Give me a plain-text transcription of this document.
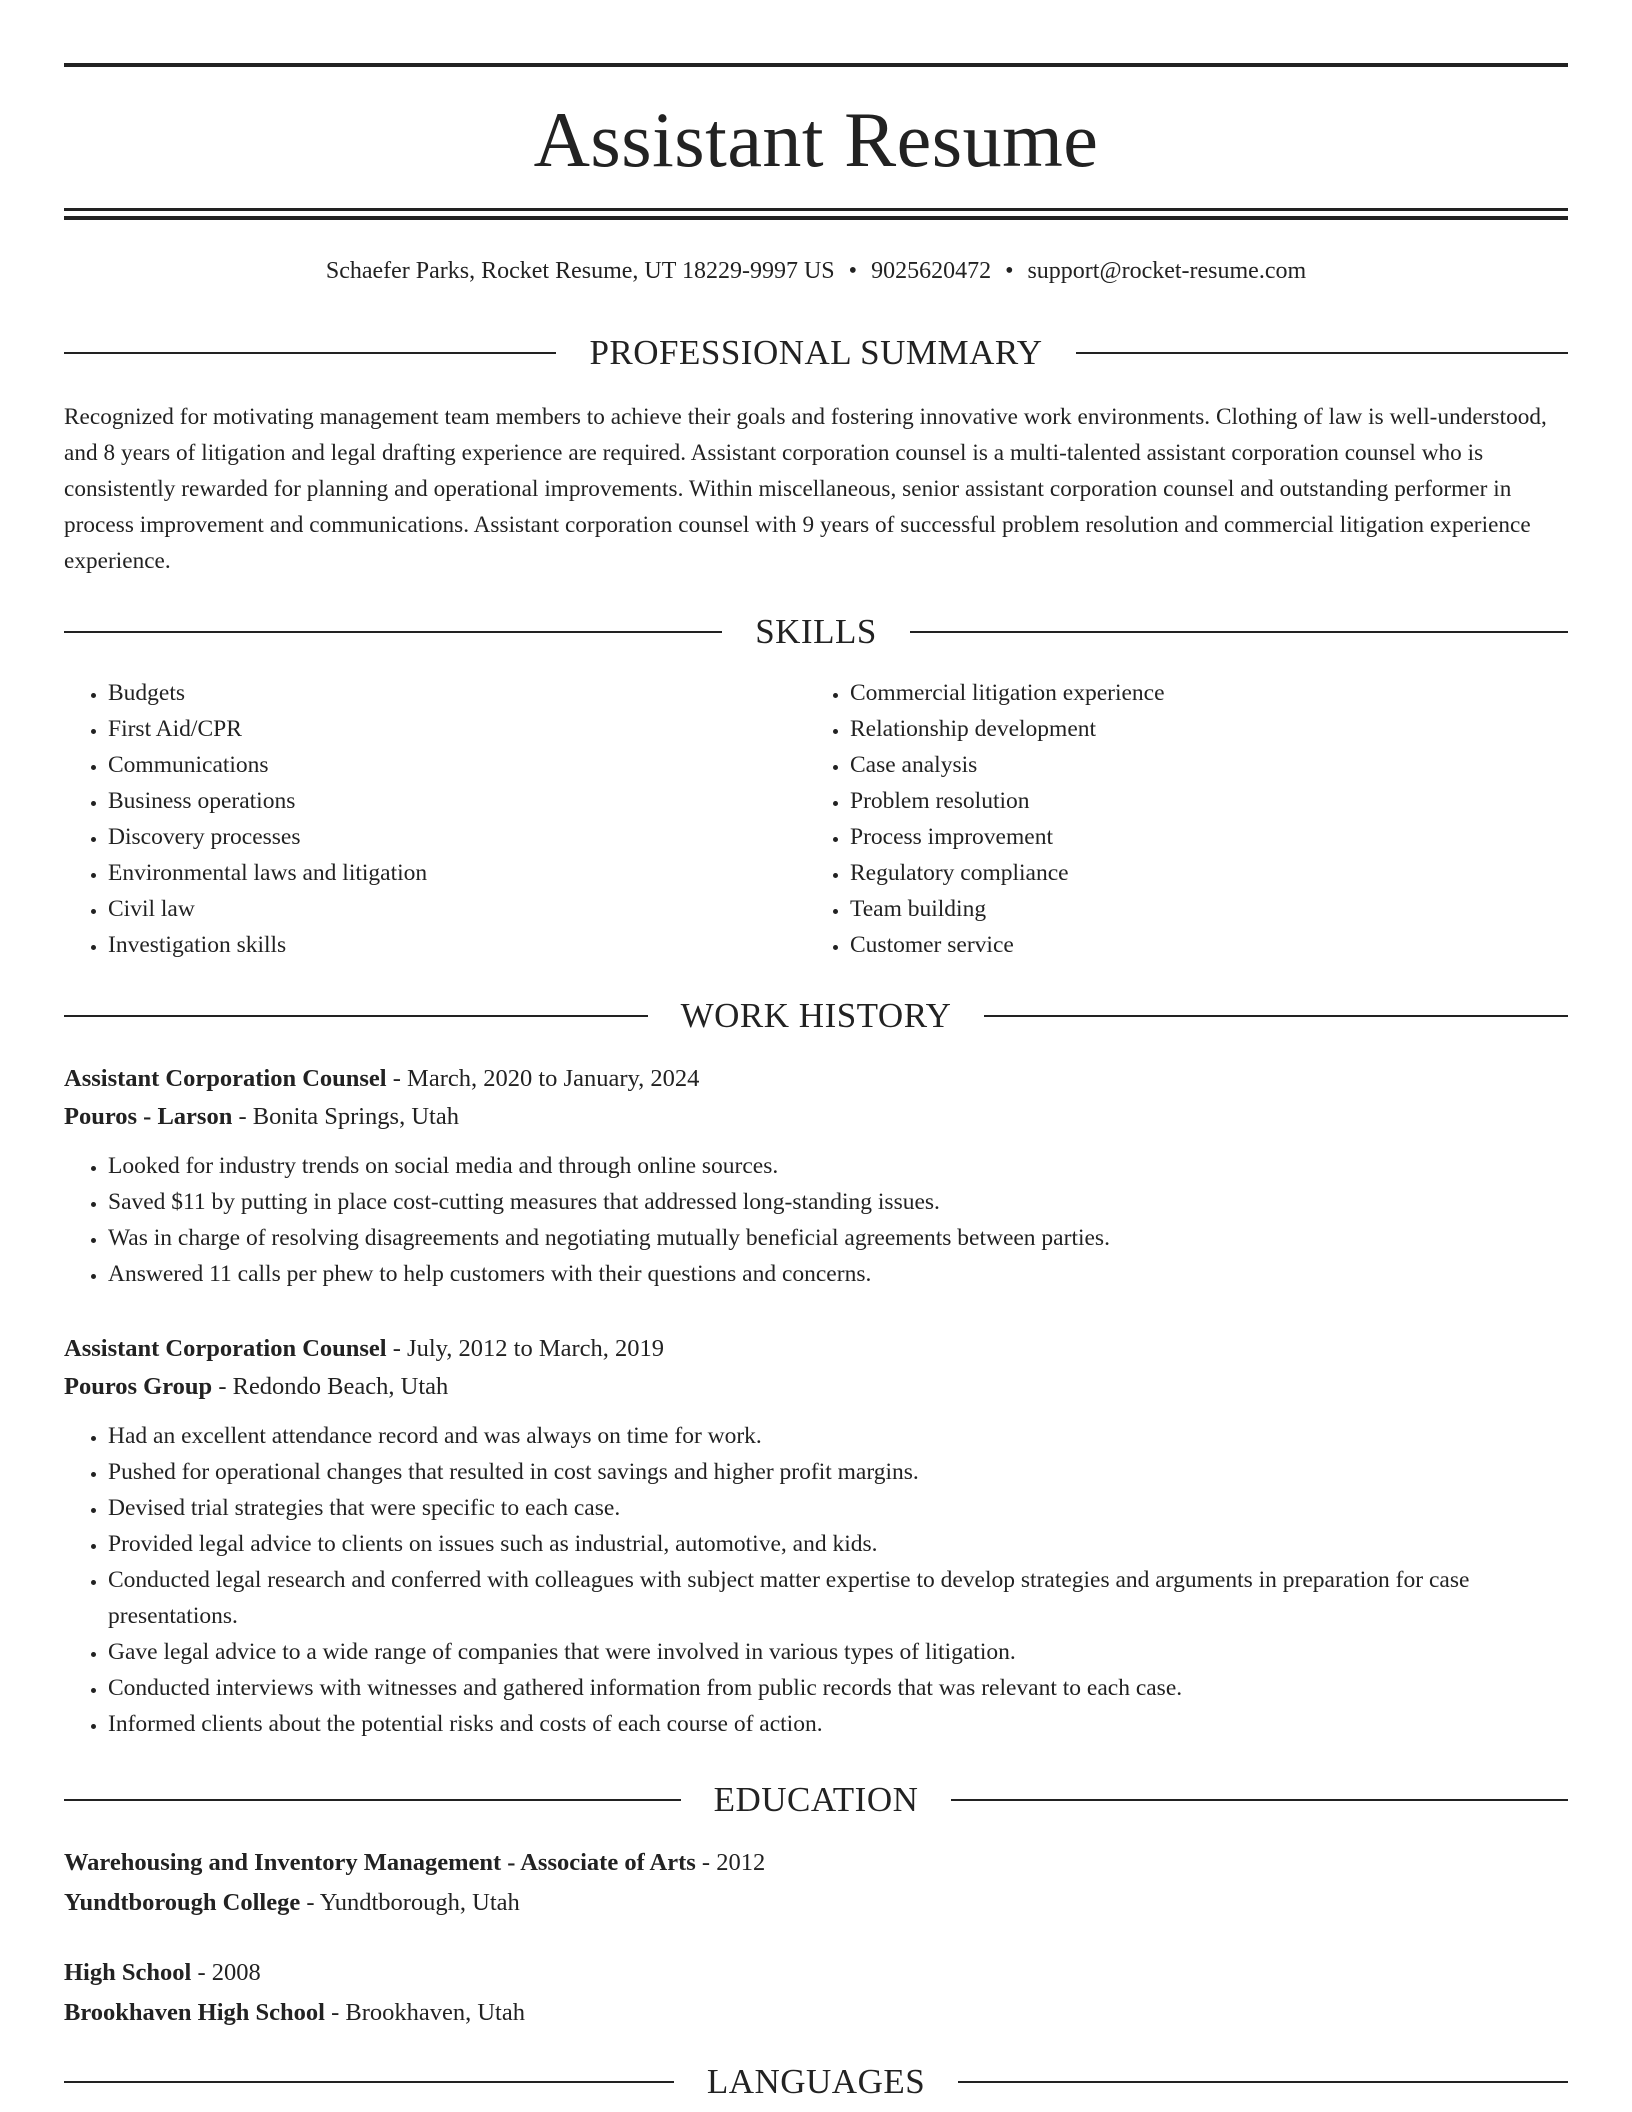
Assistant Resume
Schaefer Parks, Rocket Resume, UT 18229-9997 US • 9025620472 • support@rocket-resume.com
PROFESSIONAL SUMMARY
Recognized for motivating management team members to achieve their goals and fostering innovative work environments. Clothing of law is well-understood, and 8 years of litigation and legal drafting experience are required. Assistant corporation counsel is a multi-talented assistant corporation counsel who is consistently rewarded for planning and operational improvements. Within miscellaneous, senior assistant corporation counsel and outstanding performer in process improvement and communications. Assistant corporation counsel with 9 years of successful problem resolution and commercial litigation experience experience.
SKILLS
• Budgets
• First Aid/CPR
• Communications
• Business operations
• Discovery processes
• Environmental laws and litigation
• Civil law
• Investigation skills
• Commercial litigation experience
• Relationship development
• Case analysis
• Problem resolution
• Process improvement
• Regulatory compliance
• Team building
• Customer service
WORK HISTORY
Assistant Corporation Counsel - March, 2020 to January, 2024
Pouros - Larson - Bonita Springs, Utah
• Looked for industry trends on social media and through online sources.
• Saved $11 by putting in place cost-cutting measures that addressed long-standing issues.
• Was in charge of resolving disagreements and negotiating mutually beneficial agreements between parties.
• Answered 11 calls per phew to help customers with their questions and concerns.
Assistant Corporation Counsel - July, 2012 to March, 2019
Pouros Group - Redondo Beach, Utah
• Had an excellent attendance record and was always on time for work.
• Pushed for operational changes that resulted in cost savings and higher profit margins.
• Devised trial strategies that were specific to each case.
• Provided legal advice to clients on issues such as industrial, automotive, and kids.
• Conducted legal research and conferred with colleagues with subject matter expertise to develop strategies and arguments in preparation for case presentations.
• Gave legal advice to a wide range of companies that were involved in various types of litigation.
• Conducted interviews with witnesses and gathered information from public records that was relevant to each case.
• Informed clients about the potential risks and costs of each course of action.
EDUCATION
Warehousing and Inventory Management - Associate of Arts - 2012
Yundtborough College - Yundtborough, Utah
High School - 2008
Brookhaven High School - Brookhaven, Utah
LANGUAGES
